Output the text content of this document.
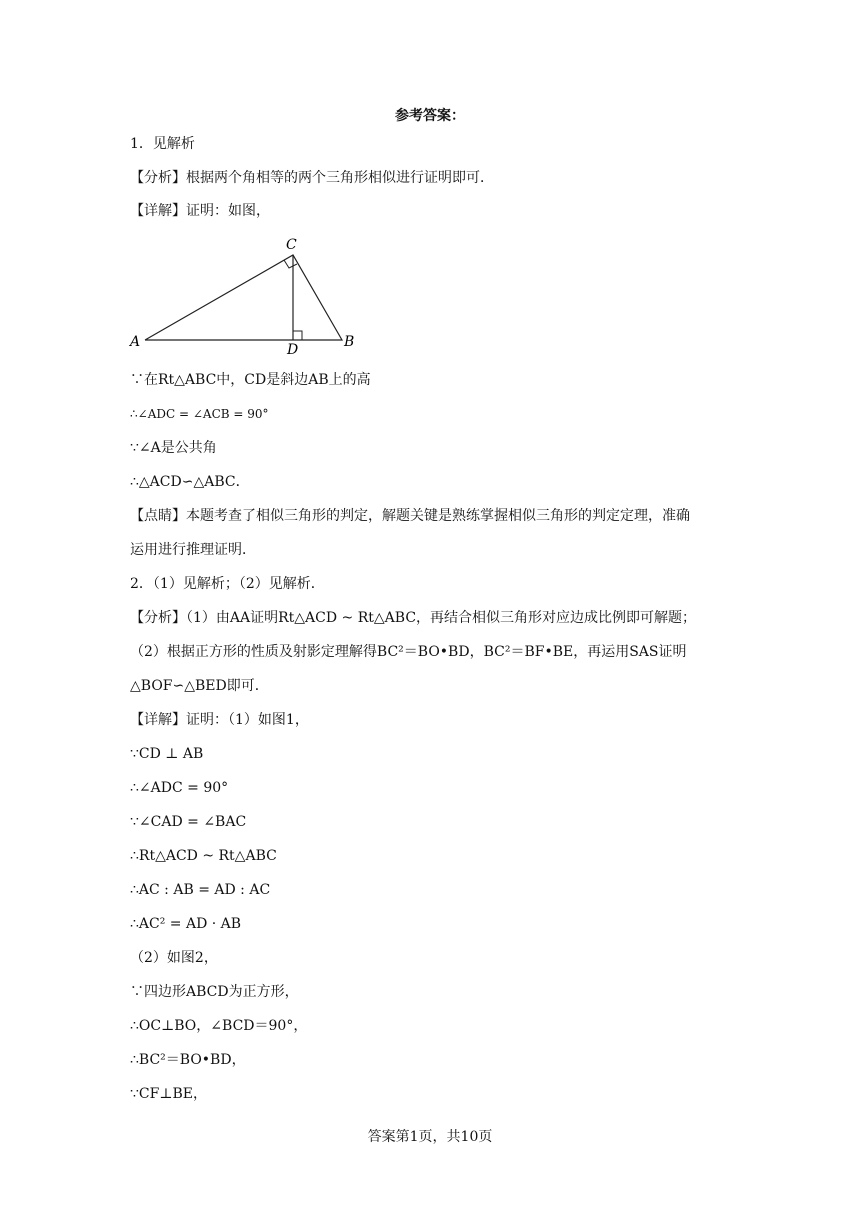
参考答案：
1．见解析
【分析】根据两个角相等的两个三角形相似进行证明即可．
【详解】证明：如图，
C
A	D	B
∵在Rt△ABC中，CD是斜边AB上的高
∴∠ADC = ∠ACB = 90°
∵∠A是公共角
∴△ACD∽△ABC．
【点睛】本题考查了相似三角形的判定，解题关键是熟练掌握相似三角形的判定定理，准确
运用进行推理证明．
2．（1）见解析；（2）见解析．
【分析】（1）由AA证明Rt△ACD ~ Rt△ABC，再结合相似三角形对应边成比例即可解题；
（2）根据正方形的性质及射影定理解得BC²＝BO•BD，BC²＝BF•BE，再运用SAS证明
△BOF∽△BED即可．
【详解】证明：（1）如图1，
∵CD ⊥ AB
∴∠ADC = 90°
∵∠CAD = ∠BAC
∴Rt△ACD ~ Rt△ABC
∴AC : AB = AD : AC
∴AC² = AD · AB
（2）如图2，
∵四边形ABCD为正方形，
∴OC⊥BO，∠BCD＝90°，
∴BC²＝BO•BD，
∵CF⊥BE，
答案第1页，共10页
